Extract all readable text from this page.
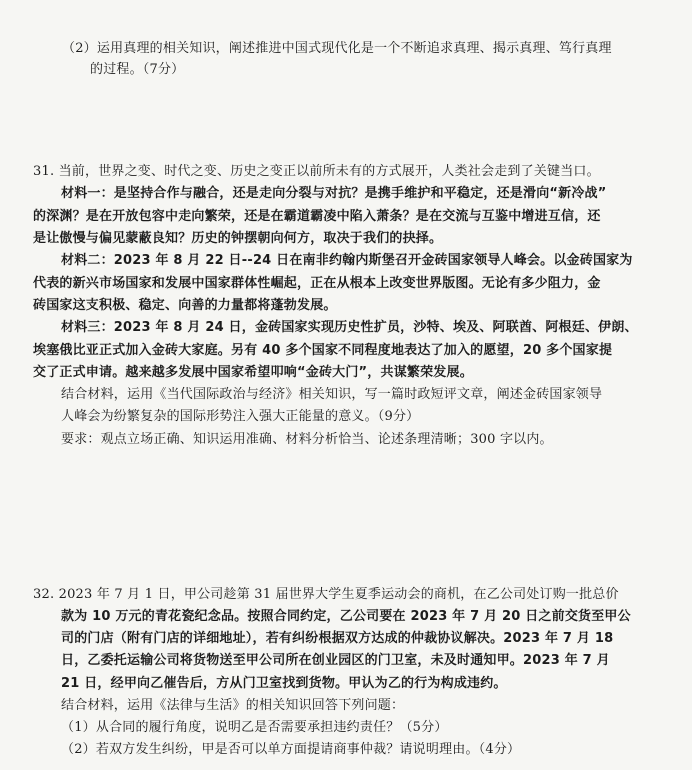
（2）运用真理的相关知识，阐述推进中国式现代化是一个不断追求真理、揭示真理、笃行真理
的过程。（7分）
31. 当前，世界之变、时代之变、历史之变正以前所未有的方式展开，人类社会走到了关键当口。
材料一：是坚持合作与融合，还是走向分裂与对抗？是携手维护和平稳定，还是滑向“新冷战”
的深渊？是在开放包容中走向繁荣，还是在霸道霸凌中陷入萧条？是在交流与互鉴中增进互信，还
是让傲慢与偏见蒙蔽良知？历史的钟摆朝向何方，取决于我们的抉择。
材料二：2023 年 8 月 22 日--24 日在南非约翰内斯堡召开金砖国家领导人峰会。以金砖国家为
代表的新兴市场国家和发展中国家群体性崛起，正在从根本上改变世界版图。无论有多少阻力，金
砖国家这支积极、稳定、向善的力量都将蓬勃发展。
材料三：2023 年 8 月 24 日，金砖国家实现历史性扩员，沙特、埃及、阿联酋、阿根廷、伊朗、
埃塞俄比亚正式加入金砖大家庭。另有 40 多个国家不同程度地表达了加入的愿望，20 多个国家提
交了正式申请。越来越多发展中国家希望叩响“金砖大门”，共谋繁荣发展。
结合材料，运用《当代国际政治与经济》相关知识，写一篇时政短评文章，阐述金砖国家领导
人峰会为纷繁复杂的国际形势注入强大正能量的意义。（9分）
要求：观点立场正确、知识运用准确、材料分析恰当、论述条理清晰；300 字以内。
32. 2023 年 7 月 1 日，甲公司趁第 31 届世界大学生夏季运动会的商机，在乙公司处订购一批总价
款为 10 万元的青花瓷纪念品。按照合同约定，乙公司要在 2023 年 7 月 20 日之前交货至甲公
司的门店（附有门店的详细地址），若有纠纷根据双方达成的仲裁协议解决。2023 年 7 月 18
日，乙委托运输公司将货物送至甲公司所在创业园区的门卫室，未及时通知甲。2023 年 7 月
21 日，经甲向乙催告后，方从门卫室找到货物。甲认为乙的行为构成违约。
结合材料，运用《法律与生活》的相关知识回答下列问题：
（1）从合同的履行角度，说明乙是否需要承担违约责任？（5分）
（2）若双方发生纠纷，甲是否可以单方面提请商事仲裁？请说明理由。（4分）
